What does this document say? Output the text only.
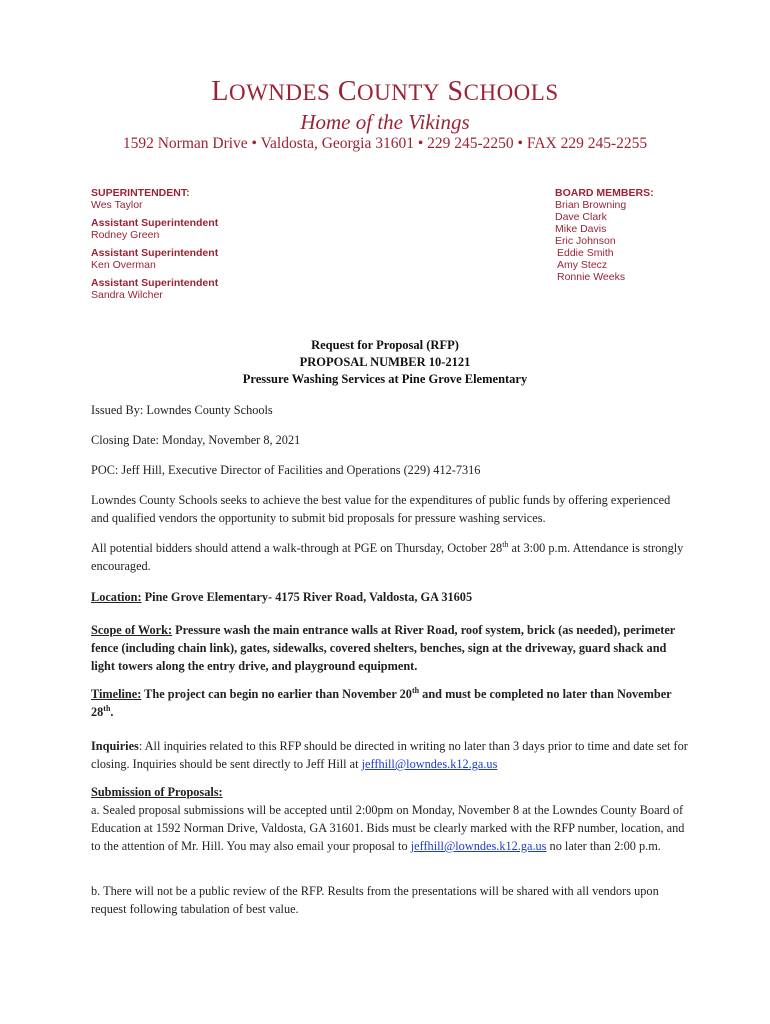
LOWNDES COUNTY SCHOOLS
Home of the Vikings
1592 Norman Drive • Valdosta, Georgia 31601 • 229 245-2250 • FAX 229 245-2255
SUPERINTENDENT:
Wes Taylor
Assistant Superintendent
Rodney Green
Assistant Superintendent
Ken Overman
Assistant Superintendent
Sandra Wilcher
BOARD MEMBERS:
Brian Browning
Dave Clark
Mike Davis
Eric Johnson
Eddie Smith
Amy Stecz
Ronnie Weeks
Request for Proposal (RFP)
PROPOSAL NUMBER 10-2121
Pressure Washing Services at Pine Grove Elementary
Issued By: Lowndes County Schools
Closing Date: Monday, November 8, 2021
POC: Jeff Hill, Executive Director of Facilities and Operations (229) 412-7316
Lowndes County Schools seeks to achieve the best value for the expenditures of public funds by offering experienced and qualified vendors the opportunity to submit bid proposals for pressure washing services.
All potential bidders should attend a walk-through at PGE on Thursday, October 28th at 3:00 p.m. Attendance is strongly encouraged.
Location: Pine Grove Elementary- 4175 River Road, Valdosta, GA 31605
Scope of Work: Pressure wash the main entrance walls at River Road, roof system, brick (as needed), perimeter fence (including chain link), gates, sidewalks, covered shelters, benches, sign at the driveway, guard shack and light towers along the entry drive, and playground equipment.
Timeline: The project can begin no earlier than November 20th and must be completed no later than November 28th.
Inquiries: All inquiries related to this RFP should be directed in writing no later than 3 days prior to time and date set for closing. Inquiries should be sent directly to Jeff Hill at jeffhill@lowndes.k12.ga.us
Submission of Proposals:
a. Sealed proposal submissions will be accepted until 2:00pm on Monday, November 8 at the Lowndes County Board of Education at 1592 Norman Drive, Valdosta, GA 31601. Bids must be clearly marked with the RFP number, location, and to the attention of Mr. Hill. You may also email your proposal to jeffhill@lowndes.k12.ga.us no later than 2:00 p.m.
b. There will not be a public review of the RFP. Results from the presentations will be shared with all vendors upon request following tabulation of best value.
